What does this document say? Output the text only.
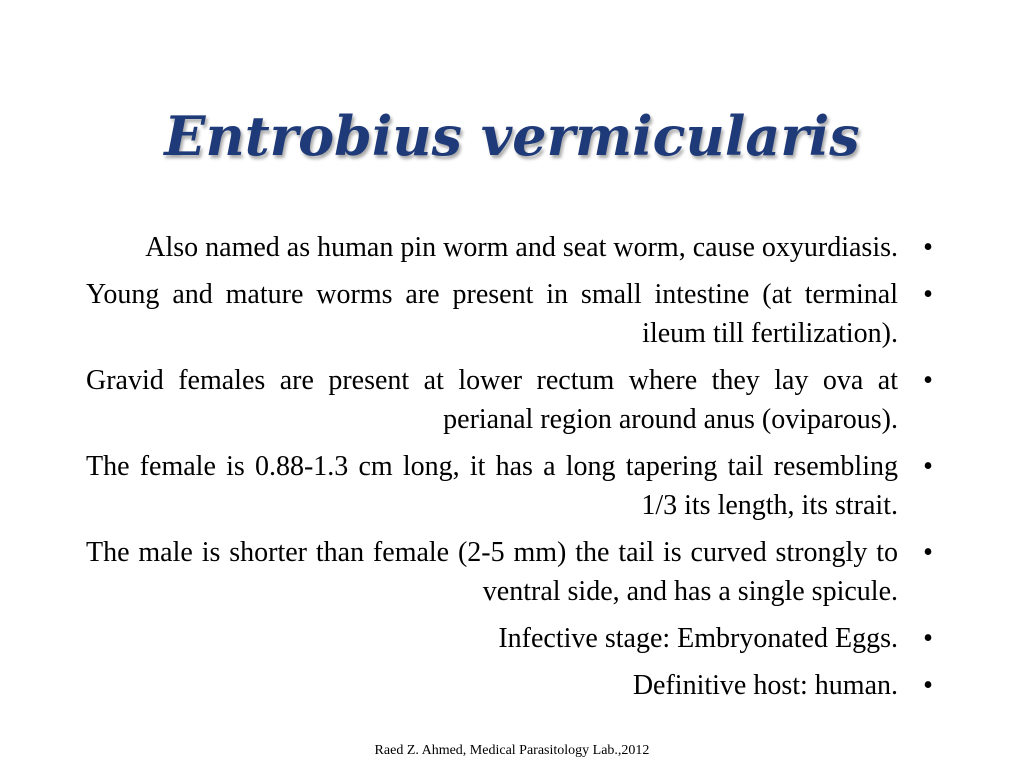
Entrobius vermicularis
Also named as human pin worm and seat worm, cause oxyurdiasis. •
Young and mature worms are present in small intestine (at terminal ileum till fertilization).
•
Gravid females are present at lower rectum where they lay ova at perianal region around anus (oviparous).
•
The female is 0.88-1.3 cm long, it has a long tapering tail resembling 1/3 its length, its strait.
•
The male is shorter than female (2-5 mm) the tail is curved strongly to ventral side, and has a single spicule.
•
Infective stage: Embryonated Eggs. •
Definitive host: human. •
Raed Z. Ahmed, Medical Parasitology Lab.,2012
